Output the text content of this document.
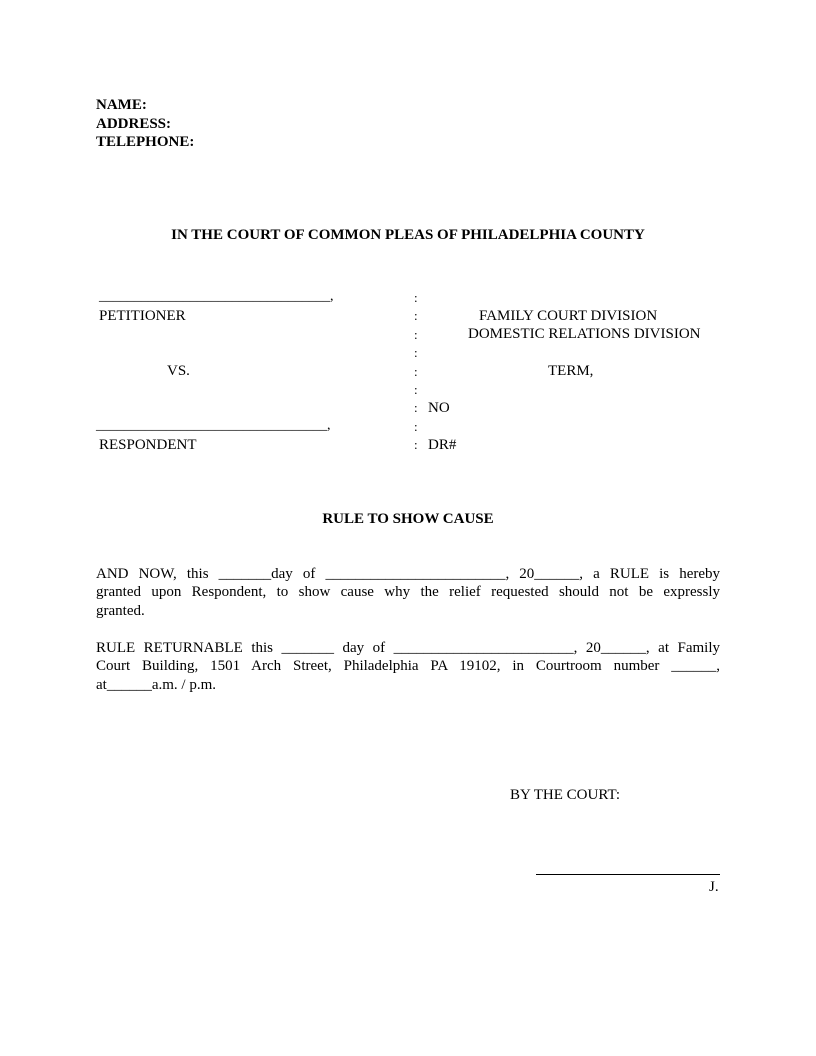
NAME:
ADDRESS:
TELEPHONE:
IN THE COURT OF COMMON PLEAS OF PHILADELPHIA COUNTY
_________________________________,
PETITIONER
VS.
_________________________________,
RESPONDENT
:
:
:
:
:
:
:
:
:
FAMILY COURT DIVISION
DOMESTIC RELATIONS DIVISION
TERM,
NO
DR#
RULE TO SHOW CAUSE
AND NOW, this _______day of ________________________, 20______, a RULE is hereby
granted upon Respondent, to show cause why the relief requested should not be expressly
granted.
RULE RETURNABLE this _______ day of ________________________, 20______, at Family
Court Building, 1501 Arch Street, Philadelphia PA 19102, in Courtroom number ______,
at______a.m. / p.m.
BY THE COURT:
J.
